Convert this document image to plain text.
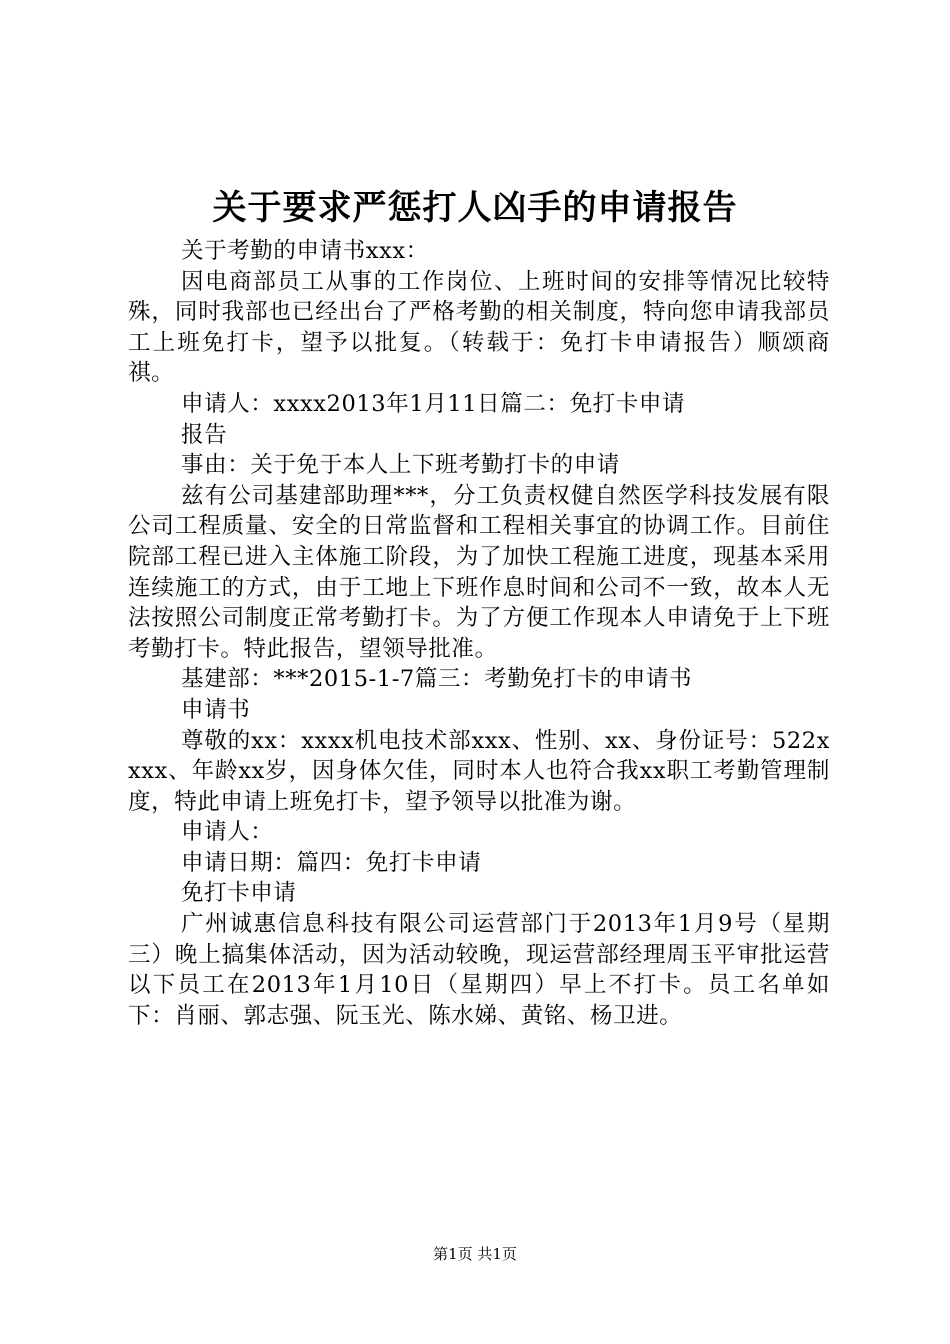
关于要求严惩打人凶手的申请报告

关于考勤的申请书xxx：

因电商部员工从事的工作岗位、上班时间的安排等情况比较特殊，同时我部也已经出台了严格考勤的相关制度，特向您申请我部员工上班免打卡，望予以批复。（转载于：免打卡申请报告）顺颂商祺。

申请人：xxxx2013年1月11日篇二：免打卡申请

报告

事由：关于免于本人上下班考勤打卡的申请

兹有公司基建部助理***，分工负责权健自然医学科技发展有限公司工程质量、安全的日常监督和工程相关事宜的协调工作。目前住院部工程已进入主体施工阶段，为了加快工程施工进度，现基本采用连续施工的方式，由于工地上下班作息时间和公司不一致，故本人无法按照公司制度正常考勤打卡。为了方便工作现本人申请免于上下班考勤打卡。特此报告，望领导批准。

基建部：***2015-1-7篇三：考勤免打卡的申请书

申请书

尊敬的xx：xxxx机电技术部xxx、性别、xx、身份证号：522xxxx、年龄xx岁，因身体欠佳，同时本人也符合我xx职工考勤管理制度，特此申请上班免打卡，望予领导以批准为谢。

申请人：

申请日期：篇四：免打卡申请

免打卡申请

广州诚惠信息科技有限公司运营部门于2013年1月9号（星期三）晚上搞集体活动，因为活动较晚，现运营部经理周玉平审批运营以下员工在2013年1月10日（星期四）早上不打卡。员工名单如下：肖丽、郭志强、阮玉光、陈水娣、黄铭、杨卫进。

第1页 共1页
